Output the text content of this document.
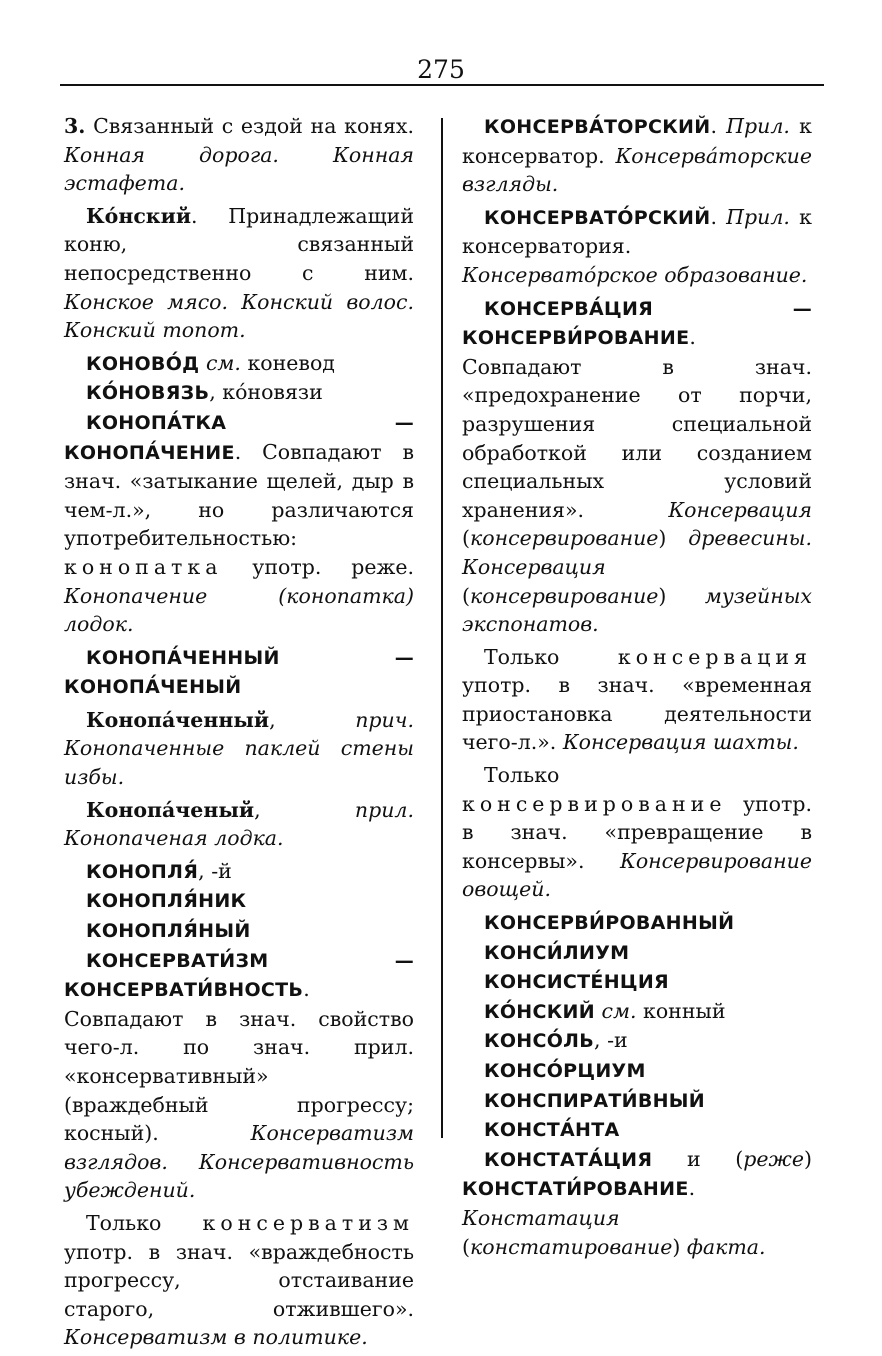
275

3. Связанный с ездой на конях. Конная дорога. Конная эстафета.

Ко́нский. Принадлежащий коню, связанный непосредственно с ним. Конское мясо. Конский волос. Конский топот.

КОНОВО́Д см. коневод

КО́НОВЯЗЬ, ко́новязи

КОНОПА́ТКА — КОНОПА́ЧЕНИЕ. Совпадают в знач. «затыкание щелей, дыр в чем-л.», но различаются употребительностью: конопатка употр. реже. Конопачение (конопатка) лодок.

КОНОПА́ЧЕННЫЙ — КОНОПА́ЧЕНЫЙ

Конопа́ченный, прич. Конопаченные паклей стены избы.

Конопа́ченый, прил. Конопаченая лодка.

КОНОПЛЯ́, -й

КОНОПЛЯ́НИК

КОНОПЛЯ́НЫЙ

КОНСЕРВАТИ́ЗМ — КОНСЕРВАТИ́ВНОСТЬ. Совпадают в знач. свойство чего-л. по знач. прил. «консервативный» (враждебный прогрессу; косный). Консерватизм взглядов. Консервативность убеждений.

Только консерватизм употр. в знач. «враждебность прогрессу, отстаивание старого, отжившего». Консерватизм в политике.

КОНСЕРВА́ТОРСКИЙ. Прил. к консерватор. Консерва́торские взгляды.

КОНСЕРВАТО́РСКИЙ. Прил. к консерватория. Консервато́рское образование.

КОНСЕРВА́ЦИЯ — КОНСЕРВИ́РОВАНИЕ. Совпадают в знач. «предохранение от порчи, разрушения специальной обработкой или созданием специальных условий хранения». Консервация (консервирование) древесины. Консервация (консервирование) музейных экспонатов.

Только консервация употр. в знач. «временная приостановка деятельности чего-л.». Консервация шахты.

Только консервирование употр. в знач. «превращение в консервы». Консервирование овощей.

КОНСЕРВИ́РОВАННЫЙ

КОНСИ́ЛИУМ

КОНСИСТЕ́НЦИЯ

КО́НСКИЙ см. конный

КОНСО́ЛЬ, -и

КОНСО́РЦИУМ

КОНСПИРАТИ́ВНЫЙ

КОНСТА́НТА

КОНСТАТА́ЦИЯ и (реже) КОНСТАТИ́РОВАНИЕ. Констатация (констатирование) факта.
